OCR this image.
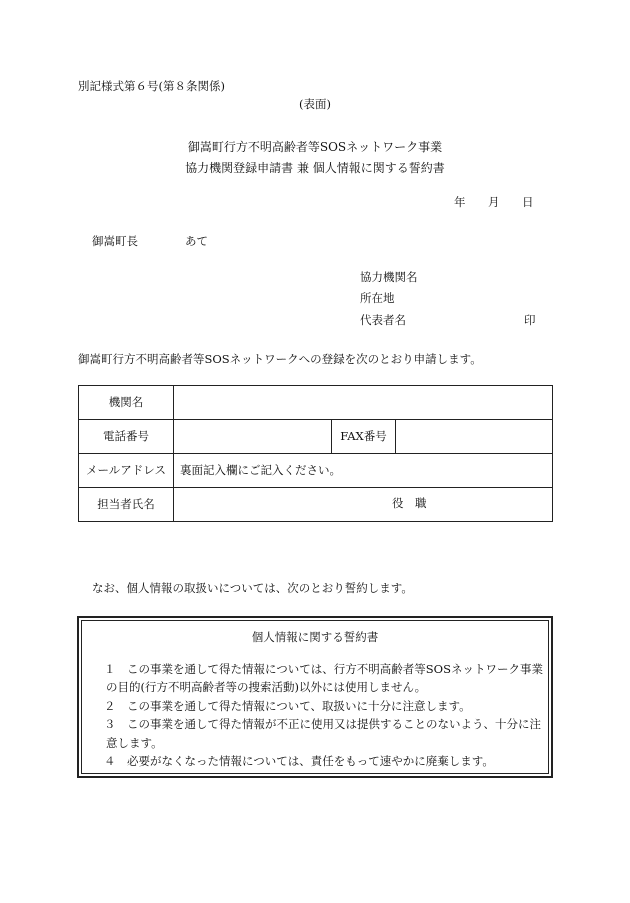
別記様式第６号(第８条関係)
(表面)
御嵩町行方不明高齢者等SOSネットワーク事業
協力機関登録申請書 兼 個人情報に関する誓約書
年 月 日
御嵩町長	あて
協力機関名
所在地
代表者名	印
御嵩町行方不明高齢者等SOSネットワークへの登録を次のとおり申請します。
機関名			
電話番号		FAX番号	
メールアドレス	裏面記入欄にご記入ください。		
担当者氏名	役　職		
なお、個人情報の取扱いについては、次のとおり誓約します。
個人情報に関する誓約書
１　この事業を通して得た情報については、行方不明高齢者等SOSネットワーク事業
の目的(行方不明高齢者等の捜索活動)以外には使用しません。
２　この事業を通して得た情報について、取扱いに十分に注意します。
３　この事業を通して得た情報が不正に使用又は提供することのないよう、十分に注
意します。
４　必要がなくなった情報については、責任をもって速やかに廃棄します。
